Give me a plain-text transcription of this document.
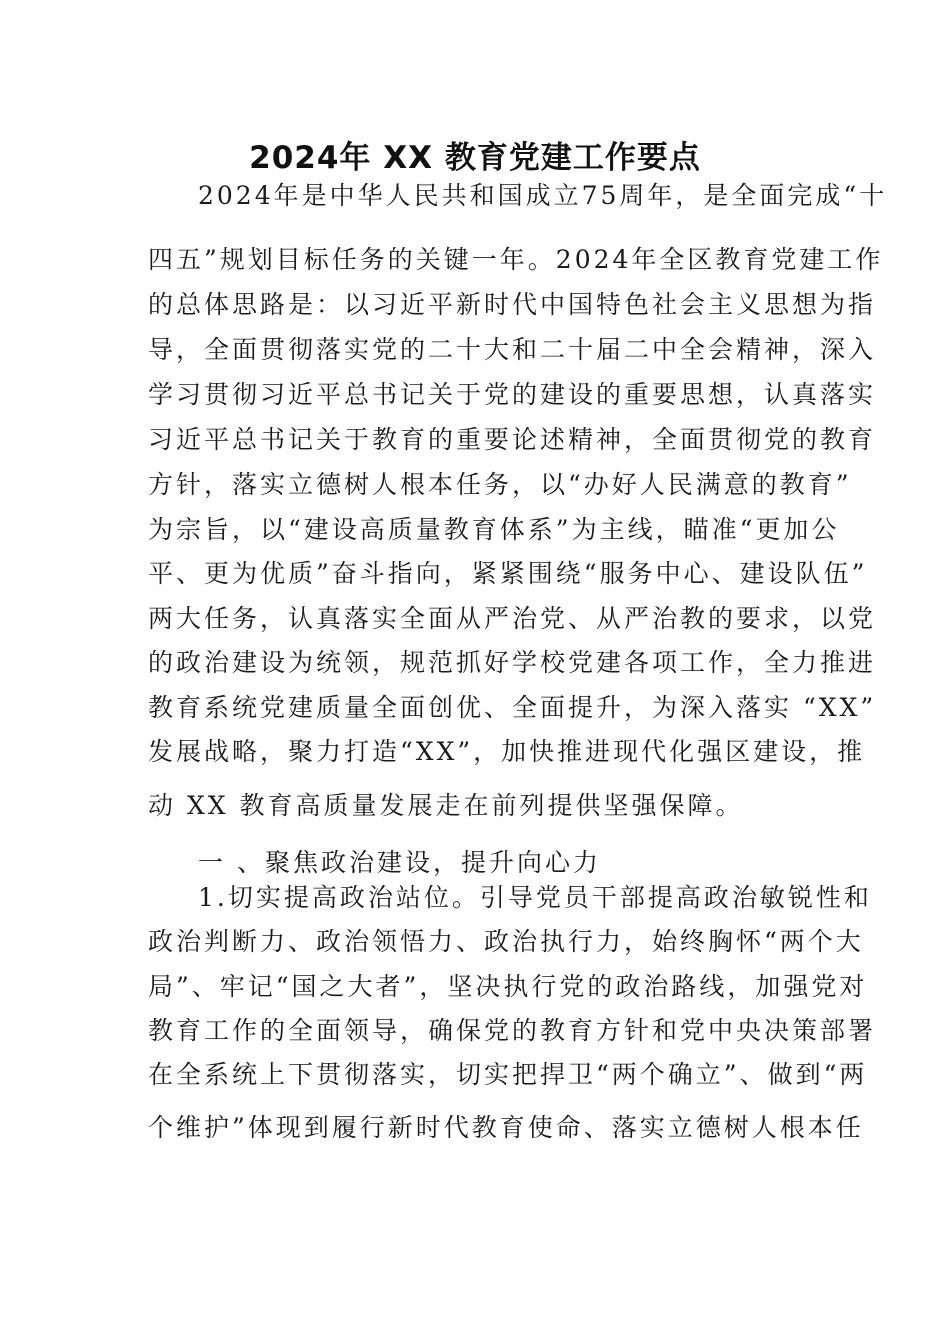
2024年 XX 教育党建工作要点
2024年是中华人民共和国成立75周年，是全面完成“十
四五”规划目标任务的关键一年。2024年全区教育党建工作
的总体思路是：以习近平新时代中国特色社会主义思想为指
导，全面贯彻落实党的二十大和二十届二中全会精神，深入
学习贯彻习近平总书记关于党的建设的重要思想，认真落实
习近平总书记关于教育的重要论述精神，全面贯彻党的教育
方针，落实立德树人根本任务，以“办好人民满意的教育”
为宗旨，以“建设高质量教育体系”为主线，瞄准“更加公
平、更为优质”奋斗指向，紧紧围绕“服务中心、建设队伍”
两大任务，认真落实全面从严治党、从严治教的要求，以党
的政治建设为统领，规范抓好学校党建各项工作，全力推进
教育系统党建质量全面创优、全面提升，为深入落实 “XX”
发展战略，聚力打造“XX”，加快推进现代化强区建设，推
动 XX 教育高质量发展走在前列提供坚强保障。
一 、聚焦政治建设，提升向心力
1.切实提高政治站位。引导党员干部提高政治敏锐性和
政治判断力、政治领悟力、政治执行力，始终胸怀“两个大
局”、牢记“国之大者”，坚决执行党的政治路线，加强党对
教育工作的全面领导，确保党的教育方针和党中央决策部署
在全系统上下贯彻落实，切实把捍卫“两个确立”、做到“两
个维护”体现到履行新时代教育使命、落实立德树人根本任
